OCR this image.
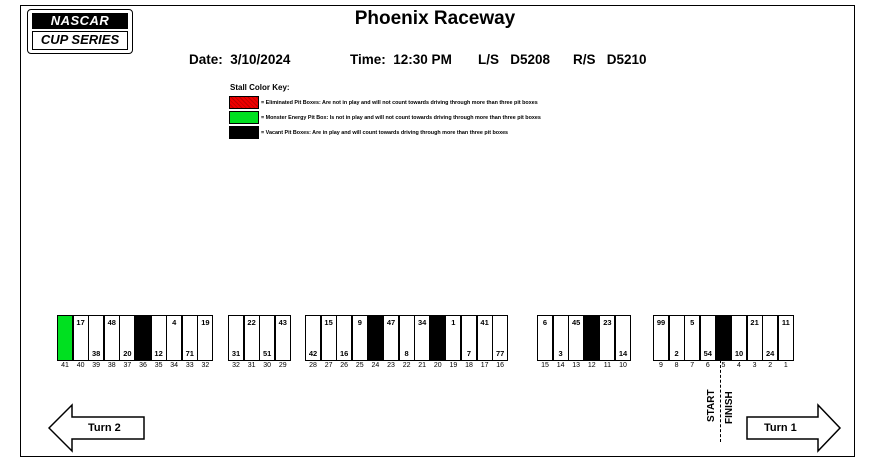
NASCAR
CUP SERIES
Phoenix Raceway
Date: 3/10/2024	Time: 12:30 PM L/S D5208 R/S D5210
Stall Color Key:
= Eliminated Pit Boxes: Are not in play and will not count towards driving through more than three pit boxes
= Monster Energy Pit Box: Is not in play and will not count towards driving through more than three pit boxes
= Vacant Pit Boxes: Are in play and will count towards driving through more than three pit boxes
41
17
40
38
39
48
38
20
37	36
12
35
4
34
71
33
19
32
31
32
22
31
51
30
43
29
42
28
15
27
16
26
9
25	24
47
23
8
22
34
21	20
1
19
7
18
41
17
77
16
6
15
3
14
45
13	12
23
11
14
10
99
9
2
8
5
7
54
6	5
10
4
21
3
24
2
11
1
Turn 2	Turn 1
START FINISH
